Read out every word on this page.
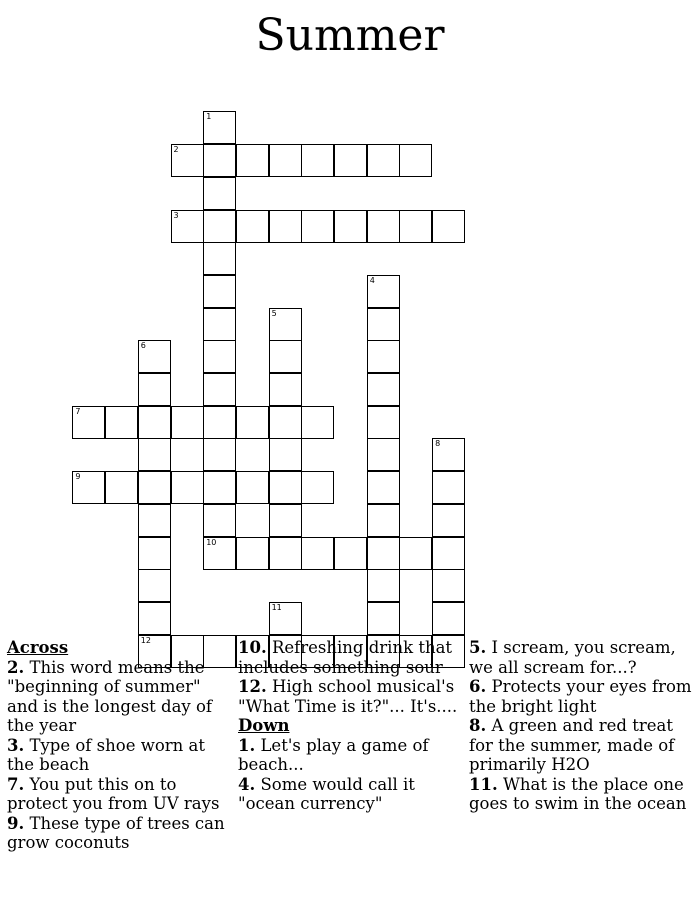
Summer
1
2
3
4
5
6
7
8
9
10
11
12
Across
2. This word means the "beginning of summer" and is the longest day of the year
3. Type of shoe worn at the beach
7. You put this on to protect you from UV rays
9. These type of trees can grow coconuts
10. Refreshing drink that includes something sour
12. High school musical's "What Time is it?"... It's....
Down
1. Let's play a game of beach...
4. Some would call it "ocean currency"
5. I scream, you scream, we all scream for...?
6. Protects your eyes from the bright light
8. A green and red treat for the summer, made of primarily H2O
11. What is the place one goes to swim in the ocean
